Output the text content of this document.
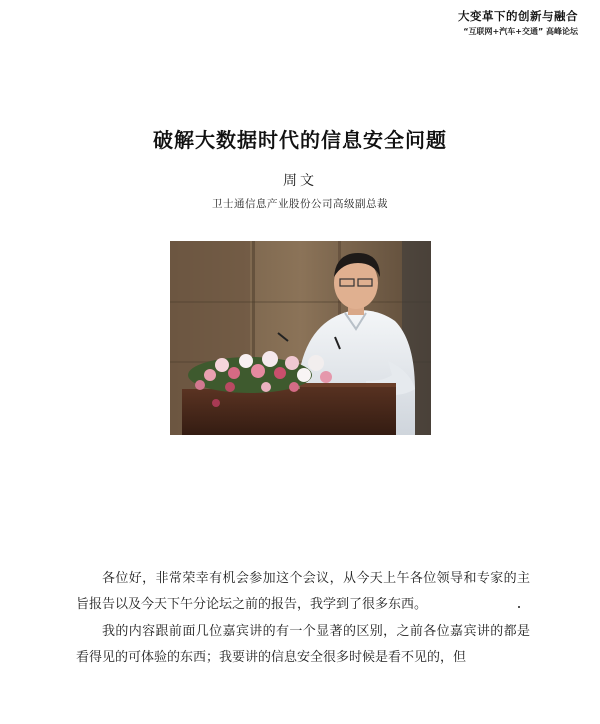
大变革下的创新与融合
“互联网+汽车+交通” 高峰论坛
破解大数据时代的信息安全问题
周文
卫士通信息产业股份公司高级副总裁

各位好，非常荣幸有机会参加这个会议，从今天上午各位领导和专家的主旨报告以及今天下午分论坛之前的报告，我学到了很多东西。

我的内容跟前面几位嘉宾讲的有一个显著的区别，之前各位嘉宾讲的都是看得见的可体验的东西；我要讲的信息安全很多时候是看不见的，但
